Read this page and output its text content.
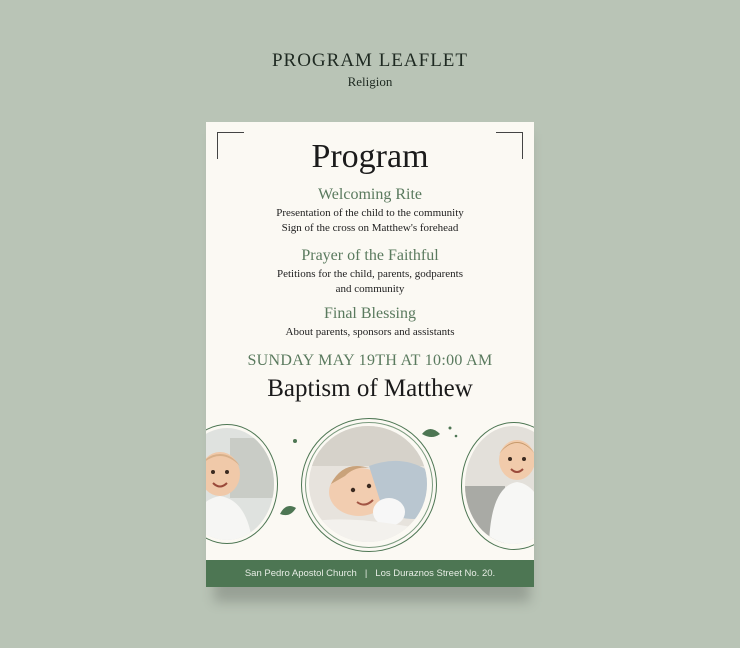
PROGRAM LEAFLET
Religion
Program
Welcoming Rite
Presentation of the child to the community
Sign of the cross on Matthew's forehead
Prayer of the Faithful
Petitions for the child, parents, godparents
and community
Final Blessing
About parents, sponsors and assistants
SUNDAY MAY 19TH AT 10:00 AM
Baptism of Matthew
San Pedro Apostol Church | Los Duraznos Street No. 20.
